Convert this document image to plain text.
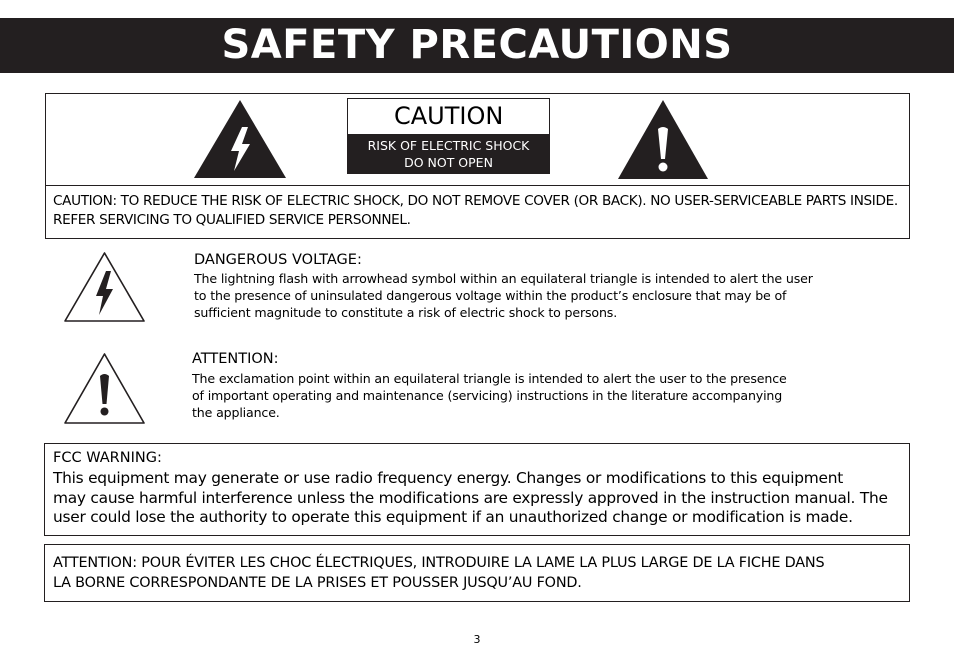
SAFETY PRECAUTIONS
CAUTION
RISK OF ELECTRIC SHOCK
DO NOT OPEN
CAUTION: TO REDUCE THE RISK OF ELECTRIC SHOCK, DO NOT REMOVE COVER (OR BACK). NO USER-SERVICEABLE PARTS INSIDE. REFER SERVICING TO QUALIFIED SERVICE PERSONNEL.
DANGEROUS VOLTAGE:
The lightning flash with arrowhead symbol within an equilateral triangle is intended to alert the user
to the presence of uninsulated dangerous voltage within the product’s enclosure that may be of
sufficient magnitude to constitute a risk of electric shock to persons.
ATTENTION:
The exclamation point within an equilateral triangle is intended to alert the user to the presence
of important operating and maintenance (servicing) instructions in the literature accompanying
the appliance.
FCC WARNING:
This equipment may generate or use radio frequency energy. Changes or modifications to this equipment
may cause harmful interference unless the modifications are expressly approved in the instruction manual. The
user could lose the authority to operate this equipment if an unauthorized change or modification is made.
ATTENTION: POUR ÉVITER LES CHOC ÉLECTRIQUES, INTRODUIRE LA LAME LA PLUS LARGE DE LA FICHE DANS
LA BORNE CORRESPONDANTE DE LA PRISES ET POUSSER JUSQU’AU FOND.
3
